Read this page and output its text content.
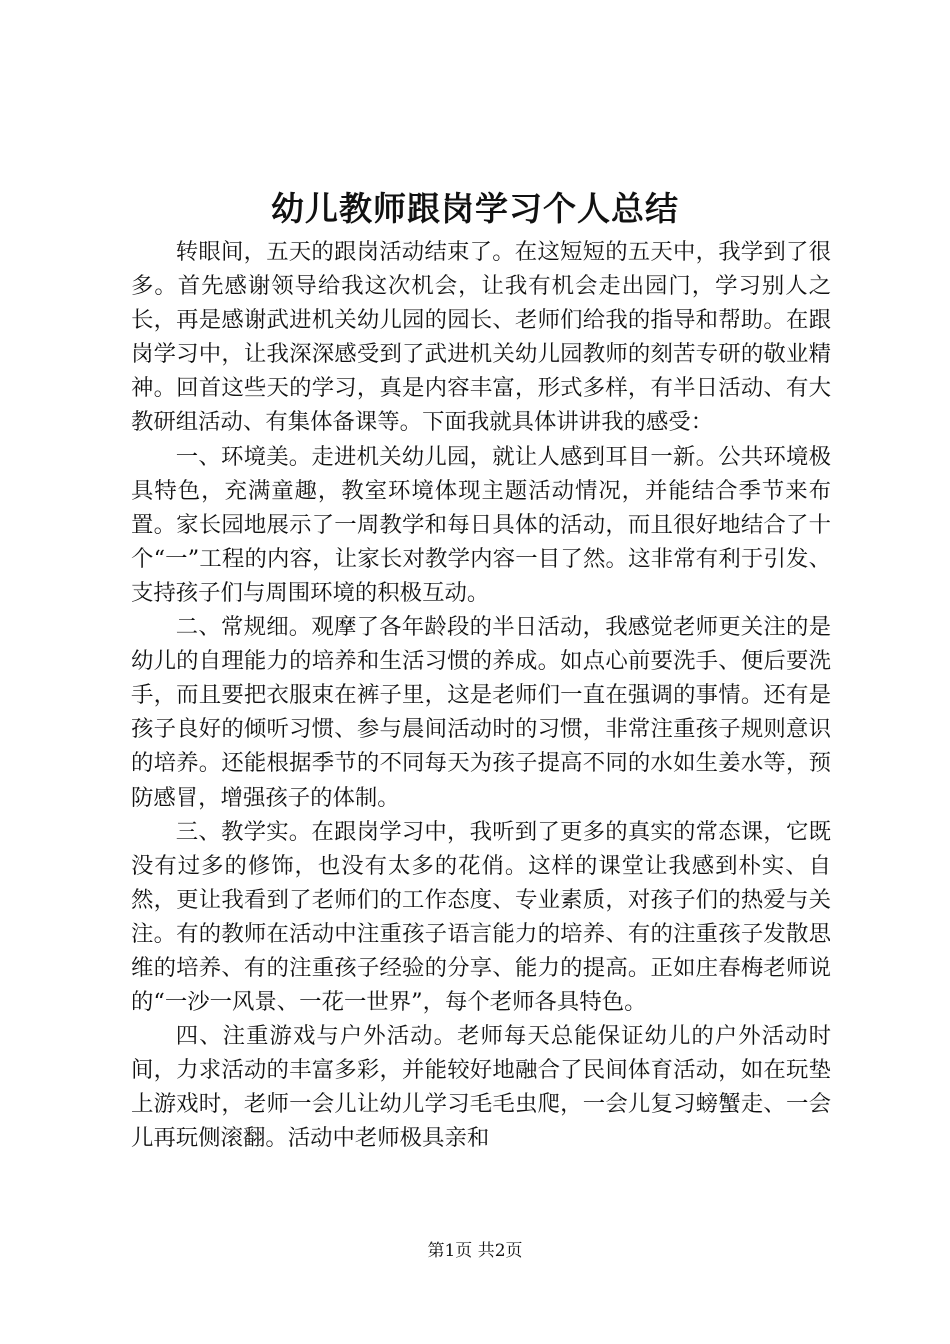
幼儿教师跟岗学习个人总结

转眼间，五天的跟岗活动结束了。在这短短的五天中，我学到了很多。首先感谢领导给我这次机会，让我有机会走出园门，学习别人之长，再是感谢武进机关幼儿园的园长、老师们给我的指导和帮助。在跟岗学习中，让我深深感受到了武进机关幼儿园教师的刻苦专研的敬业精神。回首这些天的学习，真是内容丰富，形式多样，有半日活动、有大教研组活动、有集体备课等。下面我就具体讲讲我的感受：

一、环境美。走进机关幼儿园，就让人感到耳目一新。公共环境极具特色，充满童趣，教室环境体现主题活动情况，并能结合季节来布置。家长园地展示了一周教学和每日具体的活动，而且很好地结合了十个“一”工程的内容，让家长对教学内容一目了然。这非常有利于引发、支持孩子们与周围环境的积极互动。

二、常规细。观摩了各年龄段的半日活动，我感觉老师更关注的是幼儿的自理能力的培养和生活习惯的养成。如点心前要洗手、便后要洗手，而且要把衣服束在裤子里，这是老师们一直在强调的事情。还有是孩子良好的倾听习惯、参与晨间活动时的习惯，非常注重孩子规则意识的培养。还能根据季节的不同每天为孩子提高不同的水如生姜水等，预防感冒，增强孩子的体制。

三、教学实。在跟岗学习中，我听到了更多的真实的常态课，它既没有过多的修饰，也没有太多的花俏。这样的课堂让我感到朴实、自然，更让我看到了老师们的工作态度、专业素质，对孩子们的热爱与关注。有的教师在活动中注重孩子语言能力的培养、有的注重孩子发散思维的培养、有的注重孩子经验的分享、能力的提高。正如庄春梅老师说的“一沙一风景、一花一世界”，每个老师各具特色。

四、注重游戏与户外活动。老师每天总能保证幼儿的户外活动时间，力求活动的丰富多彩，并能较好地融合了民间体育活动，如在玩垫上游戏时，老师一会儿让幼儿学习毛毛虫爬，一会儿复习螃蟹走、一会儿再玩侧滚翻。活动中老师极具亲和

第1页 共2页
